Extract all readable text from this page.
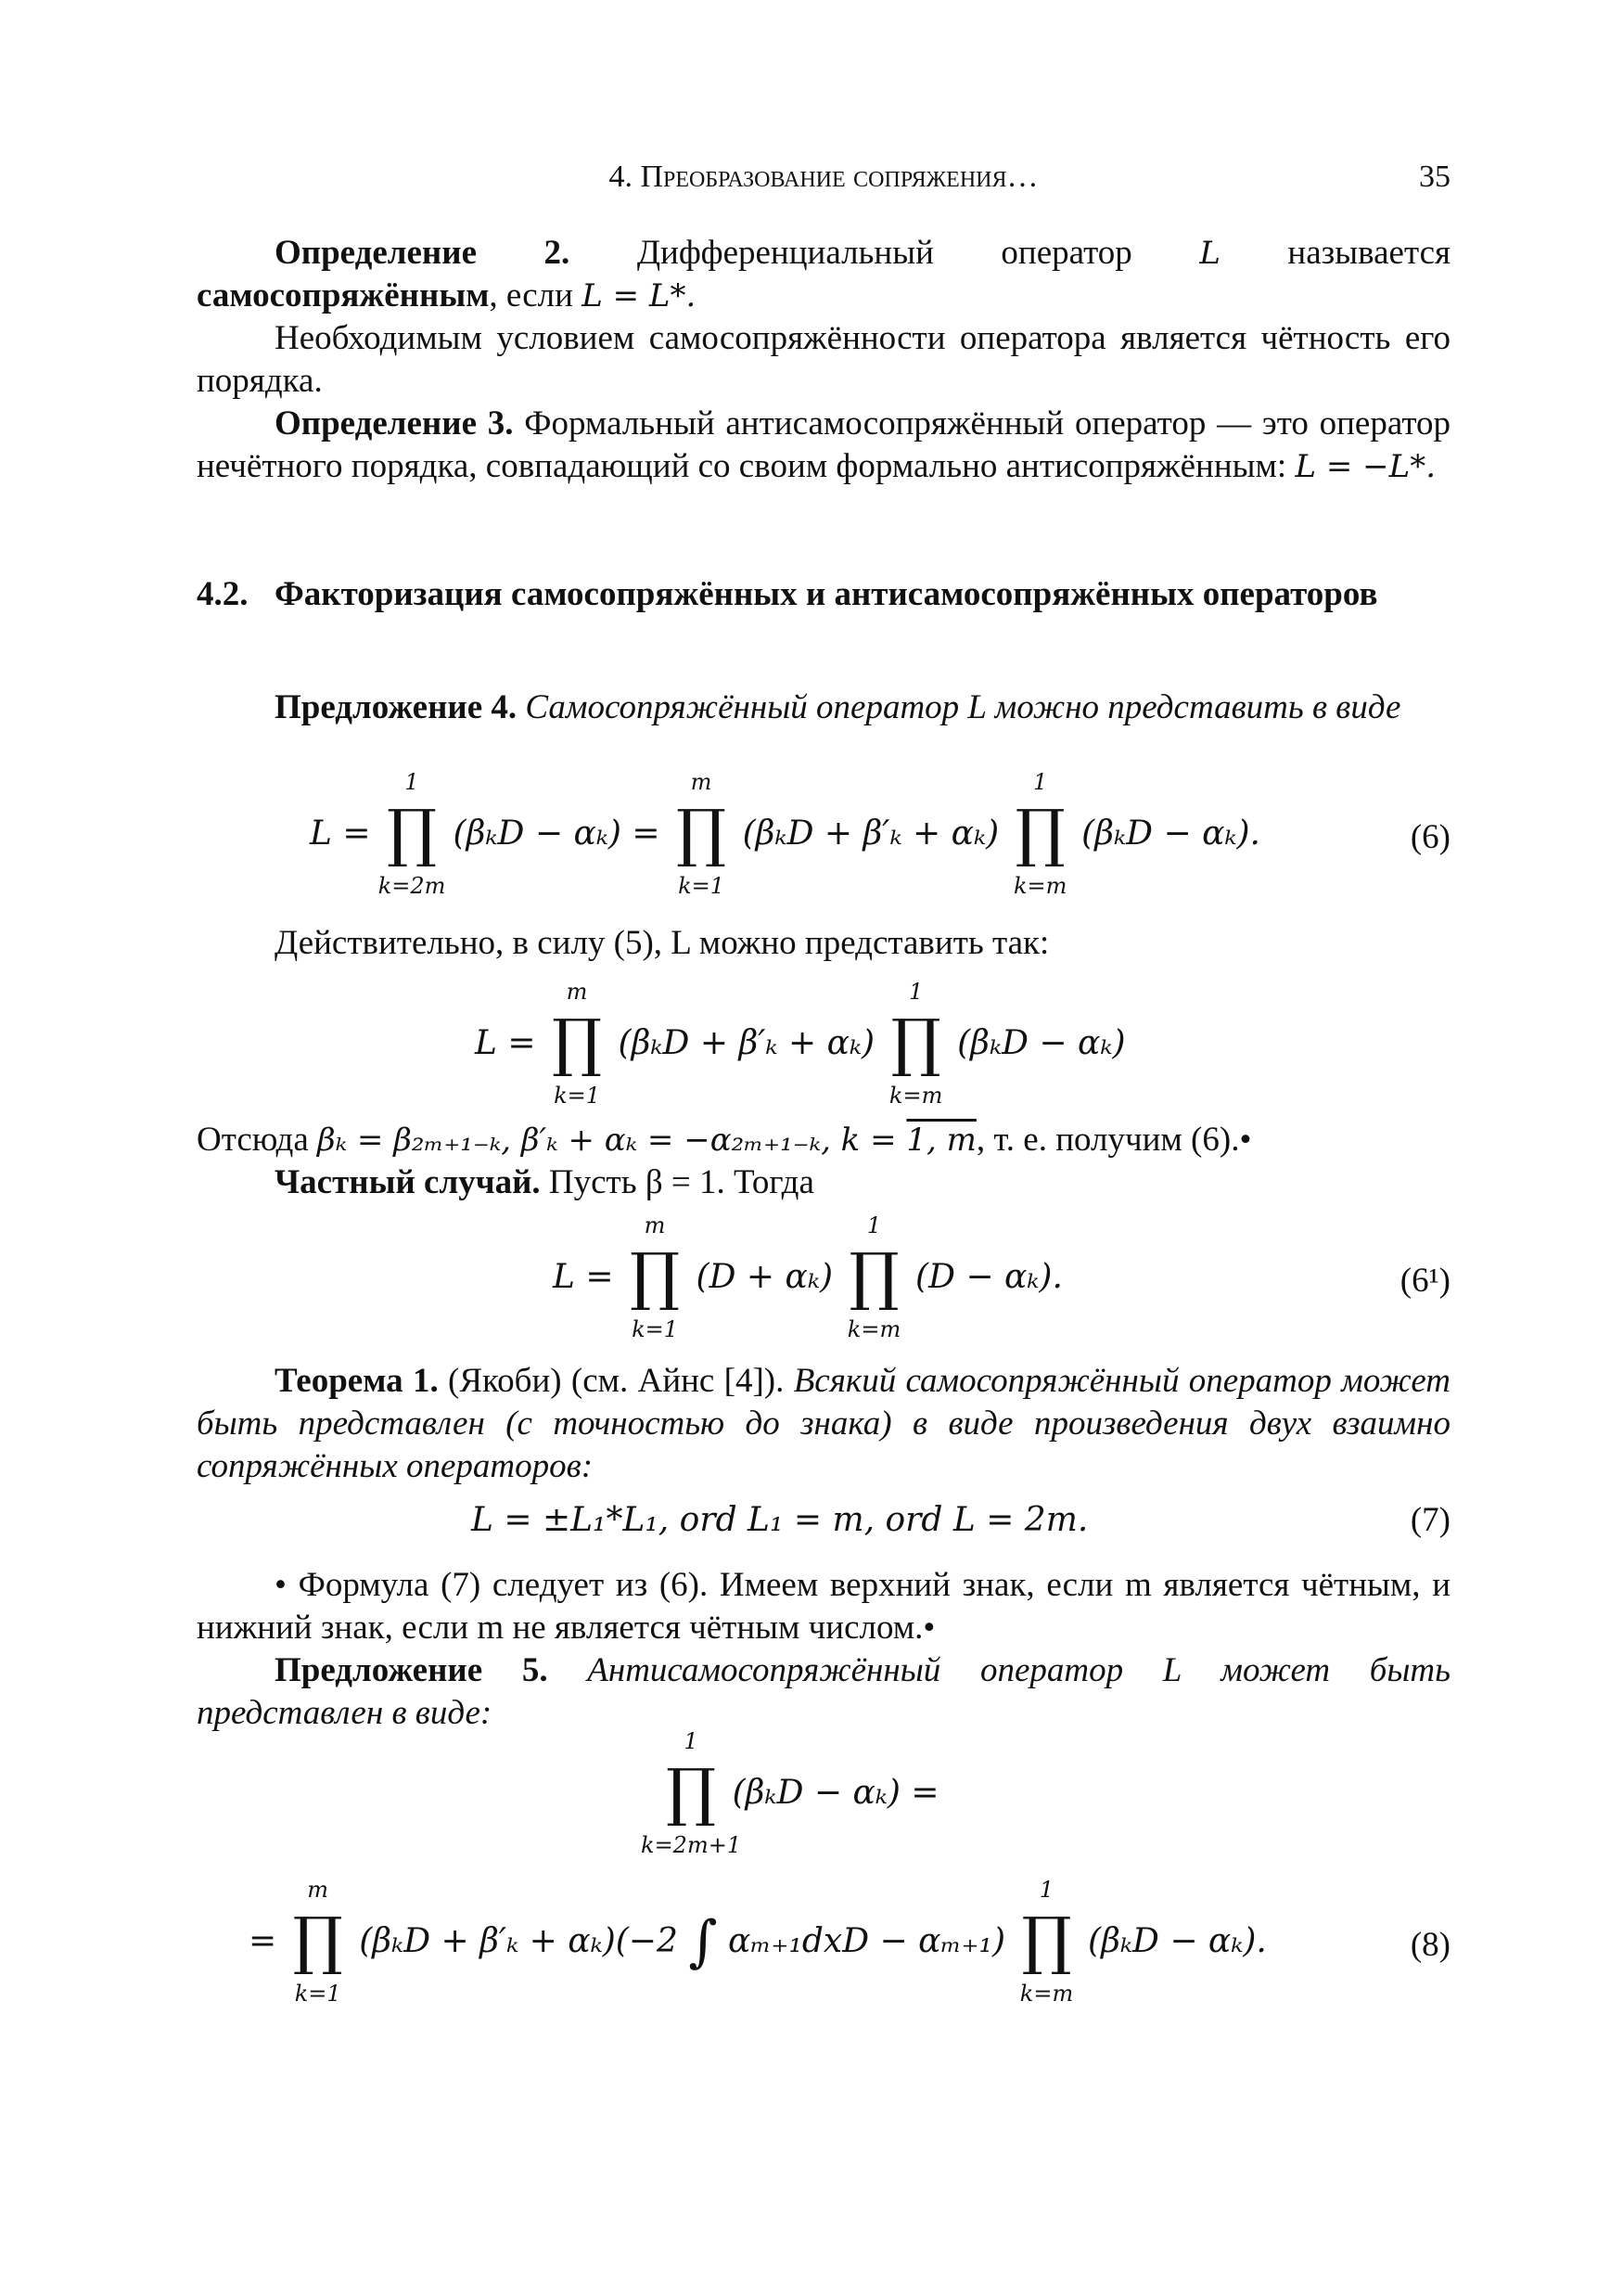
4. Преобразование сопряжения…	35
Определение 2. Дифференциальный оператор L называется самосопряжённым, если L = L*.
Необходимым условием самосопряжённости оператора является чётность его порядка.
Определение 3. Формальный антисамосопряжённый оператор — это оператор нечётного порядка, совпадающий со своим формально антисопряжённым: L = −L*.
4.2. Факторизация самосопряжённых и антисамосопряжённых операторов
Предложение 4. Самосопряжённый оператор L можно представить в виде
L =
1
∏
k=2m
(βₖD − αₖ) =
m
∏
k=1
(βₖD + β′ₖ + αₖ)
1
∏
k=m
(βₖD − αₖ).	(6)
Действительно, в силу (5), L можно представить так:
L =
m
∏
k=1
(βₖD + β′ₖ + αₖ)
1
∏
k=m
(βₖD − αₖ)
Отсюда βₖ = β₂ₘ₊₁₋ₖ, β′ₖ + αₖ = −α₂ₘ₊₁₋ₖ, k = 1, m, т. е. получим (6).•
Частный случай. Пусть β = 1. Тогда
L =
m
∏
k=1
(D + αₖ)
1
∏
k=m
(D − αₖ).	(6¹)
Теорема 1. (Якоби) (см. Айнс [4]). Всякий самосопряжённый оператор может быть представлен (с точностью до знака) в виде произведения двух взаимно сопряжённых операторов:
L = ±L₁*L₁, ord L₁ = m, ord L = 2m.	(7)
• Формула (7) следует из (6). Имеем верхний знак, если m является чётным, и нижний знак, если m не является чётным числом.•
Предложение 5. Антисамосопряжённый оператор L может быть представлен в виде:
1
∏
k=2m+1
(βₖD − αₖ) =
=
m
∏
k=1
(βₖD + β′ₖ + αₖ)(−2 ∫ αₘ₊₁dxD − αₘ₊₁)
1
∏
k=m
(βₖD − αₖ).	(8)
